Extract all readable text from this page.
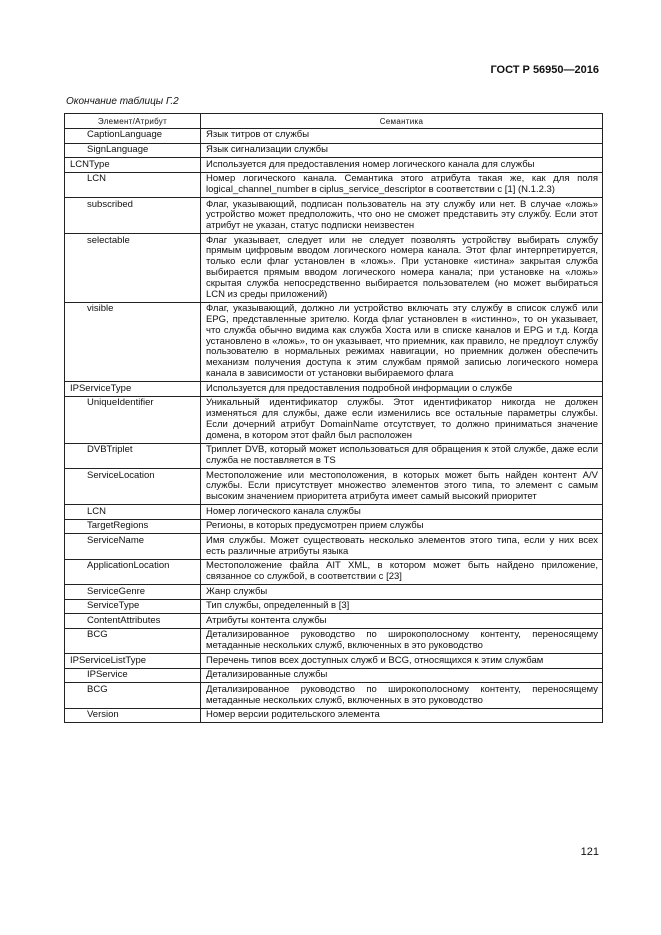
ГОСТ Р 56950—2016
Окончание таблицы Г.2
Элемент/Атрибут	Семантика
CaptionLanguage	Язык титров от службы
SignLanguage	Язык сигнализации службы
LCNType	Используется для предоставления номер логического канала для службы
LCN	Номер логического канала. Семантика этого атрибута такая же, как для поля logical_channel_number в ciplus_service_descriptor в соответствии с [1] (N.1.2.3)
subscribed	Флаг, указывающий, подписан пользователь на эту службу или нет. В случае «ложь» устройство может предположить, что оно не сможет представить эту службу. Если этот атрибут не указан, статус подписки неизвестен
selectable	Флаг указывает, следует или не следует позволять устройству выбирать службу прямым цифровым вводом логического номера канала. Этот флаг интерпретируется, только если флаг установлен в «ложь». При установке «истина» закрытая служба выбирается прямым вводом логического номера канала; при установке на «ложь» скрытая служба непосредственно выбирается пользователем (но может выбираться LCN из среды приложений)
visible	Флаг, указывающий, должно ли устройство включать эту службу в список служб или EPG, представленные зрителю. Когда флаг установлен в «истинно», то он указывает, что служба обычно видима как служба Хоста или в списке каналов и EPG и т.д. Когда установлено в «ложь», то он указывает, что приемник, как правило, не предлоут службу пользователю в нормальных режимах навигации, но приемник должен обеспечить механизм получения доступа к этим службам прямой записью логического номера канала в зависимости от установки выбираемого флага
IPServiceType	Используется для предоставления подробной информации о службе
UniqueIdentifier	Уникальный идентификатор службы. Этот идентификатор никогда не должен изменяться для службы, даже если изменились все остальные параметры службы. Если дочерний атрибут DomainName отсутствует, то должно приниматься значение домена, в котором этот файл был расположен
DVBTriplet	Триплет DVB, который может использоваться для обращения к этой службе, даже если служба не поставляется в TS
ServiceLocation	Местоположение или местоположения, в которых может быть найден контент A/V службы. Если присутствует множество элементов этого типа, то элемент с самым высоким значением приоритета атрибута имеет самый высокий приоритет
LCN	Номер логического канала службы
TargetRegions	Регионы, в которых предусмотрен прием службы
ServiceName	Имя службы. Может существовать несколько элементов этого типа, если у них всех есть различные атрибуты языка
ApplicationLocation	Местоположение файла AIT XML, в котором может быть найдено приложение, связанное со службой, в соответствии с [23]
ServiceGenre	Жанр службы
ServiceType	Тип службы, определенный в [3]
ContentAttributes	Атрибуты контента службы
BCG	Детализированное руководство по широкополосному контенту, переносящему метаданные нескольких служб, включенных в это руководство
IPServiceListType	Перечень типов всех доступных служб и BCG, относящихся к этим службам
IPService	Детализированные службы
BCG	Детализированное руководство по широкополосному контенту, переносящему метаданные нескольких служб, включенных в это руководство
Version	Номер версии родительского элемента
121
